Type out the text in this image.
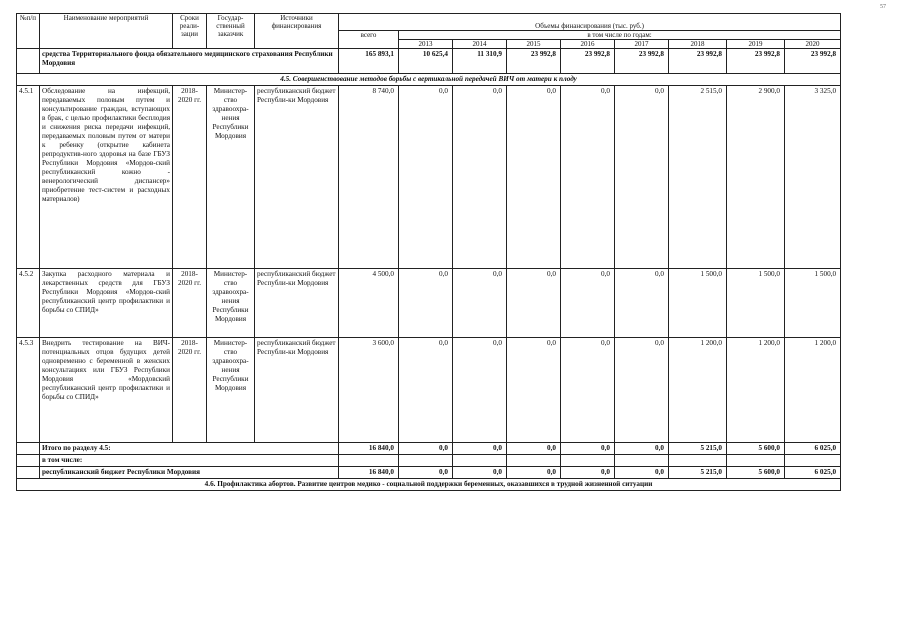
57
№п/п	Наименование мероприятий	Сроки реали-зации	Государ-ственный заказчик	Источники финансирования	Объемы финансирования (тыс. руб.)								
					всего	в том числе по годам:							
						2013	2014	2015	2016	2017	2018	2019	2020
	средства Территориального фонда обязательного медицинского страхования Республики Мордовия				165 893,1	10 625,4	11 310,9	23 992,8	23 992,8	23 992,8	23 992,8	23 992,8	23 992,8
4.5. Совершенствование методов борьбы с вертикальной передачей ВИЧ от матери к плоду													
4.5.1	Обследование на инфекций, передаваемых половым путем и консультирование граждан, вступающих в брак, с целью профилактики бесплодия и снижения риска передачи инфекций, передаваемых половым путем от матери к ребенку (открытие кабинета репродуктив-ного здоровья на базе ГБУЗ Республики Мордовия «Мордов-ский республиканский кожно - венерологический диспансер» приобретение тест-систем и расходных материалов)	2018-2020 гг.	Министер-ство здравоохра-нения Республики Мордовия	республиканский бюджет Республи-ки Мордовия	8 740,0	0,0	0,0	0,0	0,0	0,0	2 515,0	2 900,0	3 325,0
4.5.2	Закупка расходного материала и лекарственных средств для ГБУЗ Республики Мордовия «Мордов-ский республиканский центр профилактики и борьбы со СПИД»	2018-2020 гг.	Министер-ство здравоохра-нения Республики Мордовия	республиканский бюджет Республи-ки Мордовия	4 500,0	0,0	0,0	0,0	0,0	0,0	1 500,0	1 500,0	1 500,0
4.5.3	Внедрить тестирование на ВИЧ-потенциальных отцов будущих детей одновременно с беременной в женских консультациях или ГБУЗ Республики Мордовия «Мордовский республиканский центр профилактики и борьбы со СПИД»	2018-2020 гг.	Министер-ство здравоохра-нения Республики Мордовия	республиканский бюджет Республи-ки Мордовия	3 600,0	0,0	0,0	0,0	0,0	0,0	1 200,0	1 200,0	1 200,0
	Итого по разделу 4.5:				16 840,0	0,0	0,0	0,0	0,0	0,0	5 215,0	5 600,0	6 025,0
	в том числе:												
	республиканский бюджет Республики Мордовия				16 840,0	0,0	0,0	0,0	0,0	0,0	5 215,0	5 600,0	6 025,0
4.6. Профилактика абортов. Развитие центров медико - социальной поддержки беременных, оказавшихся в трудной жизненной ситуации													
